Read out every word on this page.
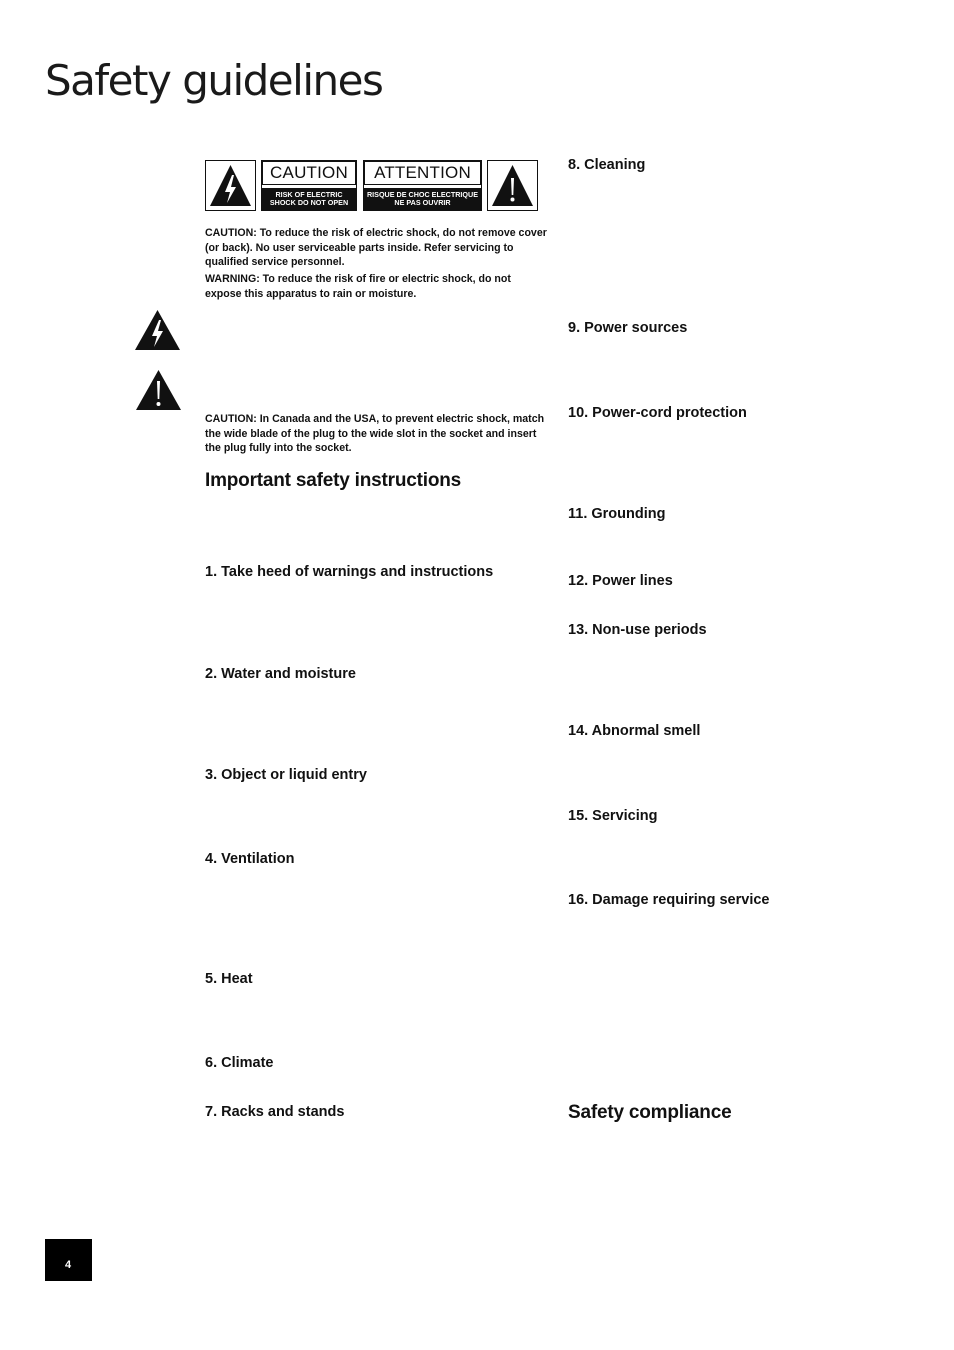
Safety guidelines
CAUTION
RISK OF ELECTRIC SHOCK DO NOT OPEN
ATTENTION
RISQUE DE CHOC ELECTRIQUE NE PAS OUVRIR

CAUTION: To reduce the risk of electric shock, do not remove cover (or back). No user serviceable parts inside. Refer servicing to qualified service personnel.

WARNING: To reduce the risk of fire or electric shock, do not expose this apparatus to rain or moisture.

CAUTION: In Canada and the USA, to prevent electric shock, match the wide blade of the plug to the wide slot in the socket and insert the plug fully into the socket.

Important safety instructions
1. Take heed of warnings and instructions
2. Water and moisture
3. Object or liquid entry
4. Ventilation
5. Heat
6. Climate
7. Racks and stands
8. Cleaning
9. Power sources
10. Power-cord protection
11. Grounding
12. Power lines
13. Non-use periods
14. Abnormal smell
15. Servicing
16. Damage requiring service
Safety compliance
4
